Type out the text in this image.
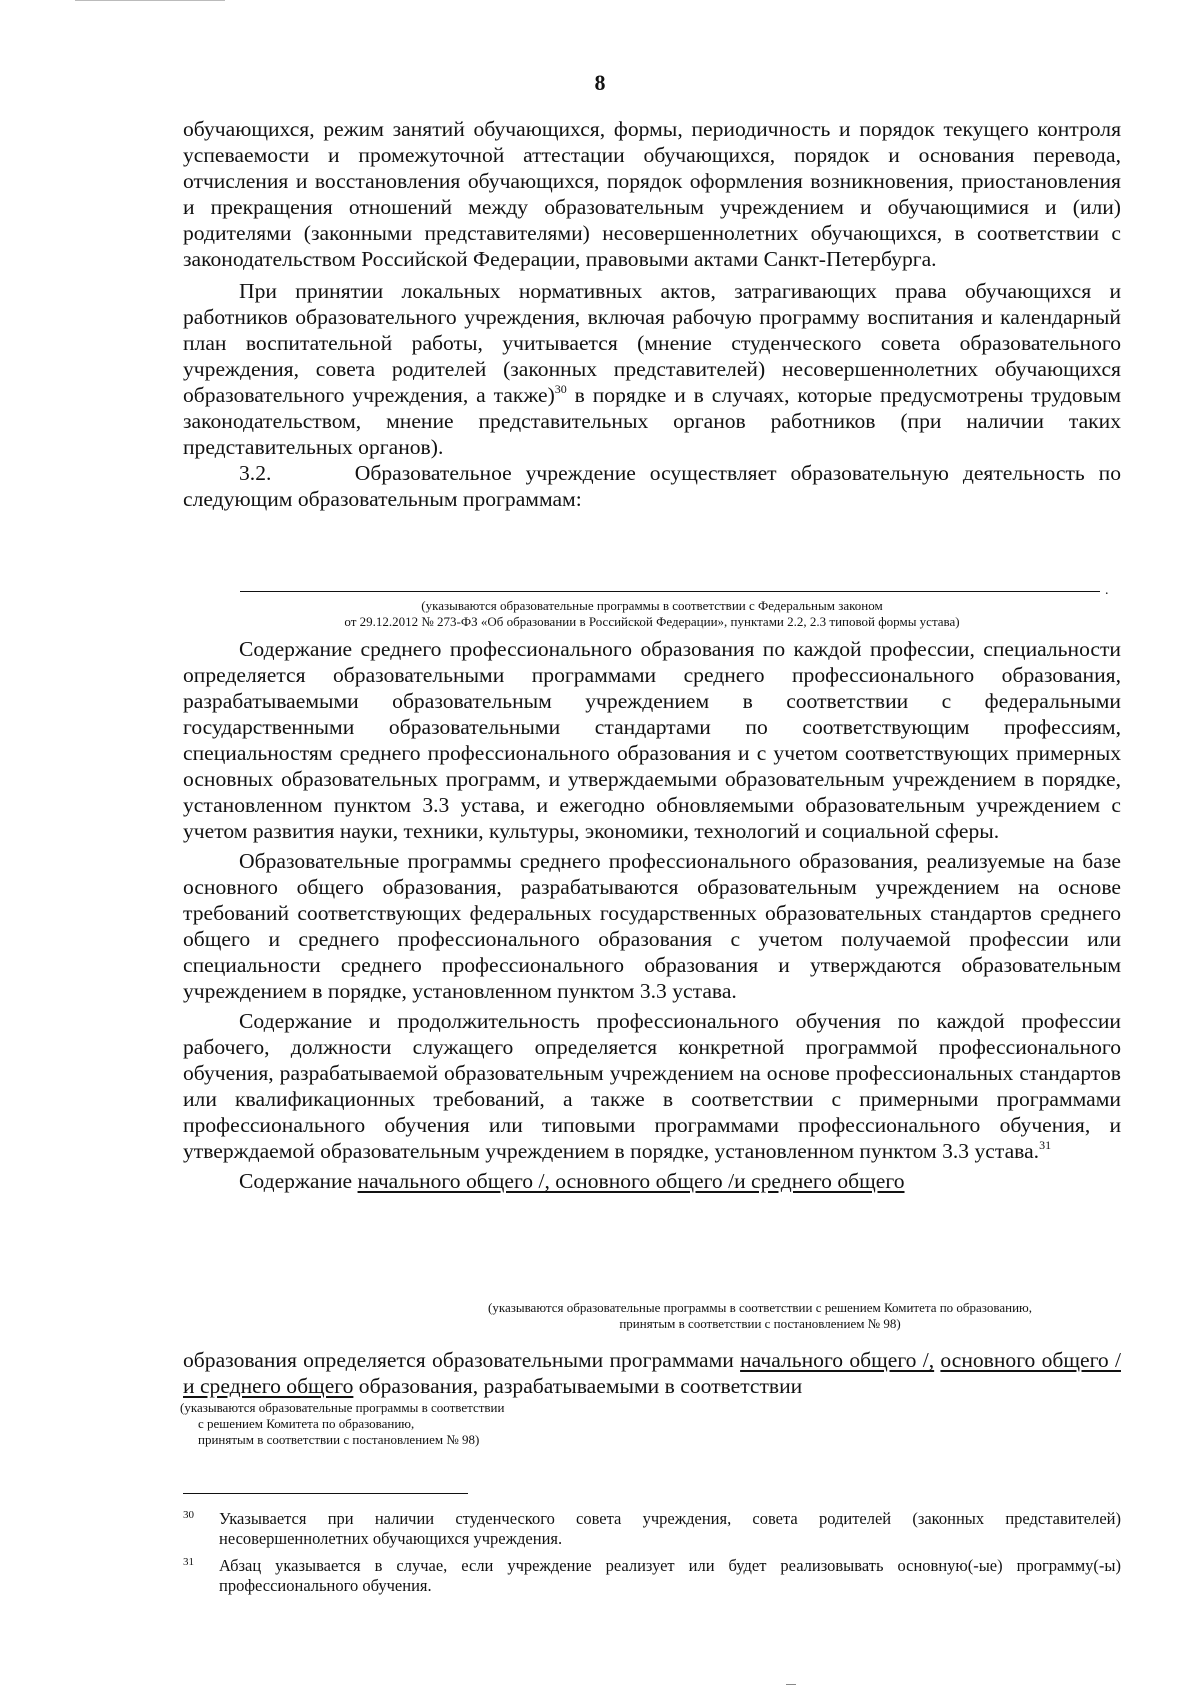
8

обучающихся, режим занятий обучающихся, формы, периодичность и порядок текущего контроля успеваемости и промежуточной аттестации обучающихся, порядок и основания перевода, отчисления и восстановления обучающихся, порядок оформления возникновения, приостановления и прекращения отношений между образовательным учреждением и обучающимися и (или) родителями (законными представителями) несовершеннолетних обучающихся, в соответствии с законодательством Российской Федерации, правовыми актами Санкт-Петербурга.

При принятии локальных нормативных актов, затрагивающих права обучающихся и работников образовательного учреждения, включая рабочую программу воспитания и календарный план воспитательной работы, учитывается (мнение студенческого совета образовательного учреждения, совета родителей (законных представителей) несовершеннолетних обучающихся образовательного учреждения, а также)$^{30}$ в порядке и в случаях, которые предусмотрены трудовым законодательством, мнение представительных органов работников (при наличии таких представительных органов).

3.2.      Образовательное учреждение осуществляет образовательную деятельность по следующим образовательным программам:

.
(указываются образовательные программы в соответствии с Федеральным законом
от 29.12.2012 № 273-ФЗ «Об образовании в Российской Федерации», пунктами 2.2, 2.3 типовой формы устава)

Содержание среднего профессионального образования по каждой профессии, специальности определяется образовательными программами среднего профессионального образования, разрабатываемыми образовательным учреждением в соответствии с федеральными государственными образовательными стандартами по соответствующим профессиям, специальностям среднего профессионального образования и с учетом соответствующих примерных основных образовательных программ, и утверждаемыми образовательным учреждением в порядке, установленном пунктом 3.3 устава, и ежегодно обновляемыми образовательным учреждением с учетом развития науки, техники, культуры, экономики, технологий и социальной сферы.

Образовательные программы среднего профессионального образования, реализуемые на базе основного общего образования, разрабатываются образовательным учреждением на основе требований соответствующих федеральных государственных образовательных стандартов среднего общего и среднего профессионального образования с учетом получаемой профессии или специальности среднего профессионального образования и утверждаются образовательным учреждением в порядке, установленном пунктом 3.3 устава.

Содержание и продолжительность профессионального обучения по каждой профессии рабочего, должности служащего определяется конкретной программой профессионального обучения, разрабатываемой образовательным учреждением на основе профессиональных стандартов или квалификационных требований, а также в соответствии с примерными программами профессионального обучения или типовыми программами профессионального обучения, и утверждаемой образовательным учреждением в порядке, установленном пунктом 3.3 устава.$^{31}$

Содержание начального общего /, основного общего /и среднего общего

(указываются образовательные программы в соответствии с решением Комитета по образованию,
принятым в соответствии с постановлением № 98)

образования определяется образовательными программами начального общего /, основного общего /и среднего общего образования, разрабатываемыми в соответствии

(указываются образовательные программы в соответствии
с решением Комитета по образованию,
принятым в соответствии с постановлением № 98)
30 Указывается при наличии студенческого совета учреждения, совета родителей (законных представителей) несовершеннолетних обучающихся учреждения.
31 Абзац указывается в случае, если учреждение реализует или будет реализовывать основную(-ые) программу(-ы) профессионального обучения.
